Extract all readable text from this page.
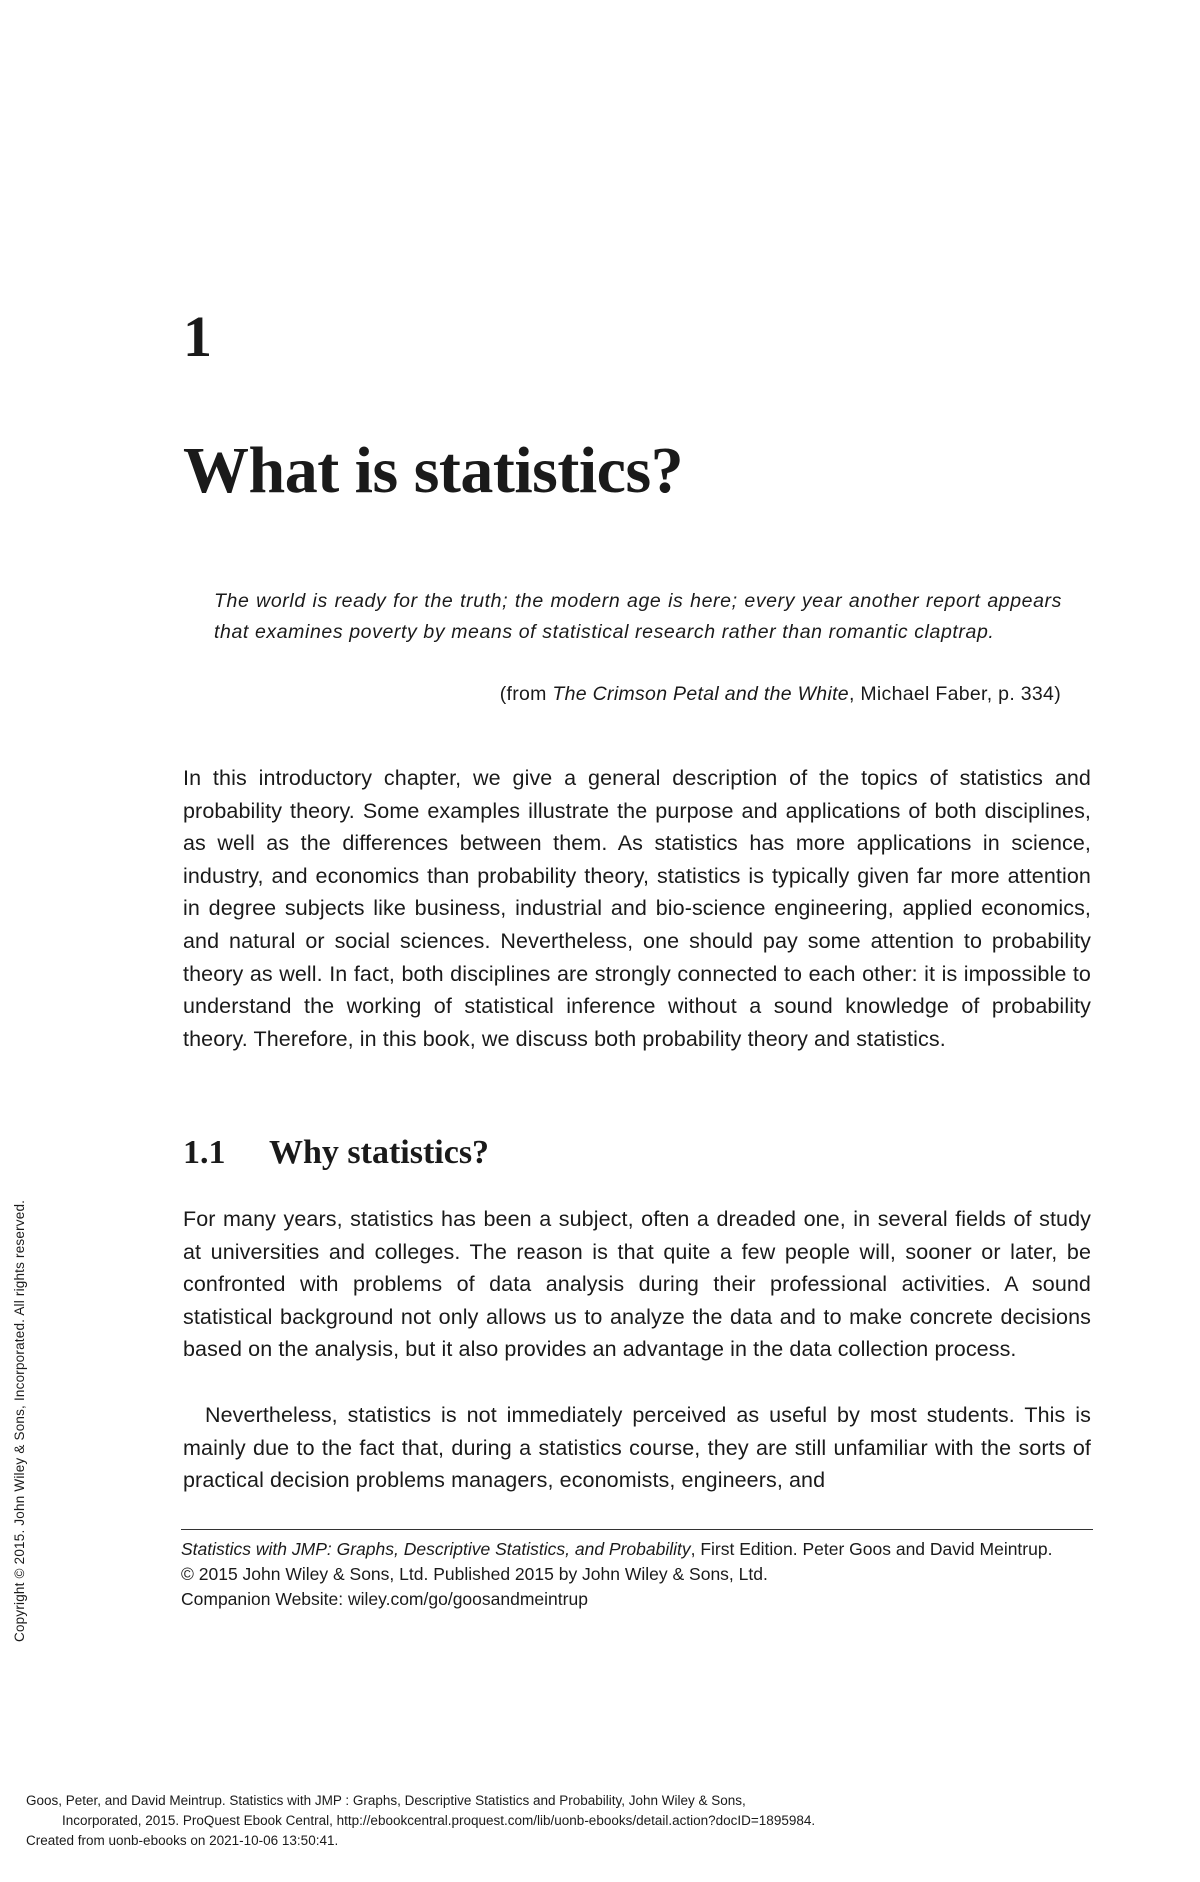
1
What is statistics?
The world is ready for the truth; the modern age is here; every year another report appears that examines poverty by means of statistical research rather than romantic claptrap.
(from The Crimson Petal and the White, Michael Faber, p. 334)

In this introductory chapter, we give a general description of the topics of statistics and probability theory. Some examples illustrate the purpose and applications of both disciplines, as well as the differences between them. As statistics has more applications in science, industry, and economics than probability theory, statistics is typically given far more attention in degree subjects like business, industrial and bio-science engineering, applied economics, and natural or social sciences. Nevertheless, one should pay some attention to probability theory as well. In fact, both disciplines are strongly connected to each other: it is impossible to understand the working of statistical inference without a sound knowledge of probability theory. Therefore, in this book, we discuss both probability theory and statistics.

1.1 Why statistics?

For many years, statistics has been a subject, often a dreaded one, in several fields of study at universities and colleges. The reason is that quite a few people will, sooner or later, be confronted with problems of data analysis during their professional activities. A sound statistical background not only allows us to analyze the data and to make concrete decisions based on the analysis, but it also provides an advantage in the data collection process.

Nevertheless, statistics is not immediately perceived as useful by most students. This is mainly due to the fact that, during a statistics course, they are still unfamiliar with the sorts of practical decision problems managers, economists, engineers, and

Statistics with JMP: Graphs, Descriptive Statistics, and Probability, First Edition. Peter Goos and David Meintrup.
© 2015 John Wiley & Sons, Ltd. Published 2015 by John Wiley & Sons, Ltd.
Companion Website: wiley.com/go/goosandmeintrup
Copyright © 2015. John Wiley & Sons, Incorporated. All rights reserved.
Goos, Peter, and David Meintrup. Statistics with JMP : Graphs, Descriptive Statistics and Probability, John Wiley & Sons,
Incorporated, 2015. ProQuest Ebook Central, http://ebookcentral.proquest.com/lib/uonb-ebooks/detail.action?docID=1895984.
Created from uonb-ebooks on 2021-10-06 13:50:41.
